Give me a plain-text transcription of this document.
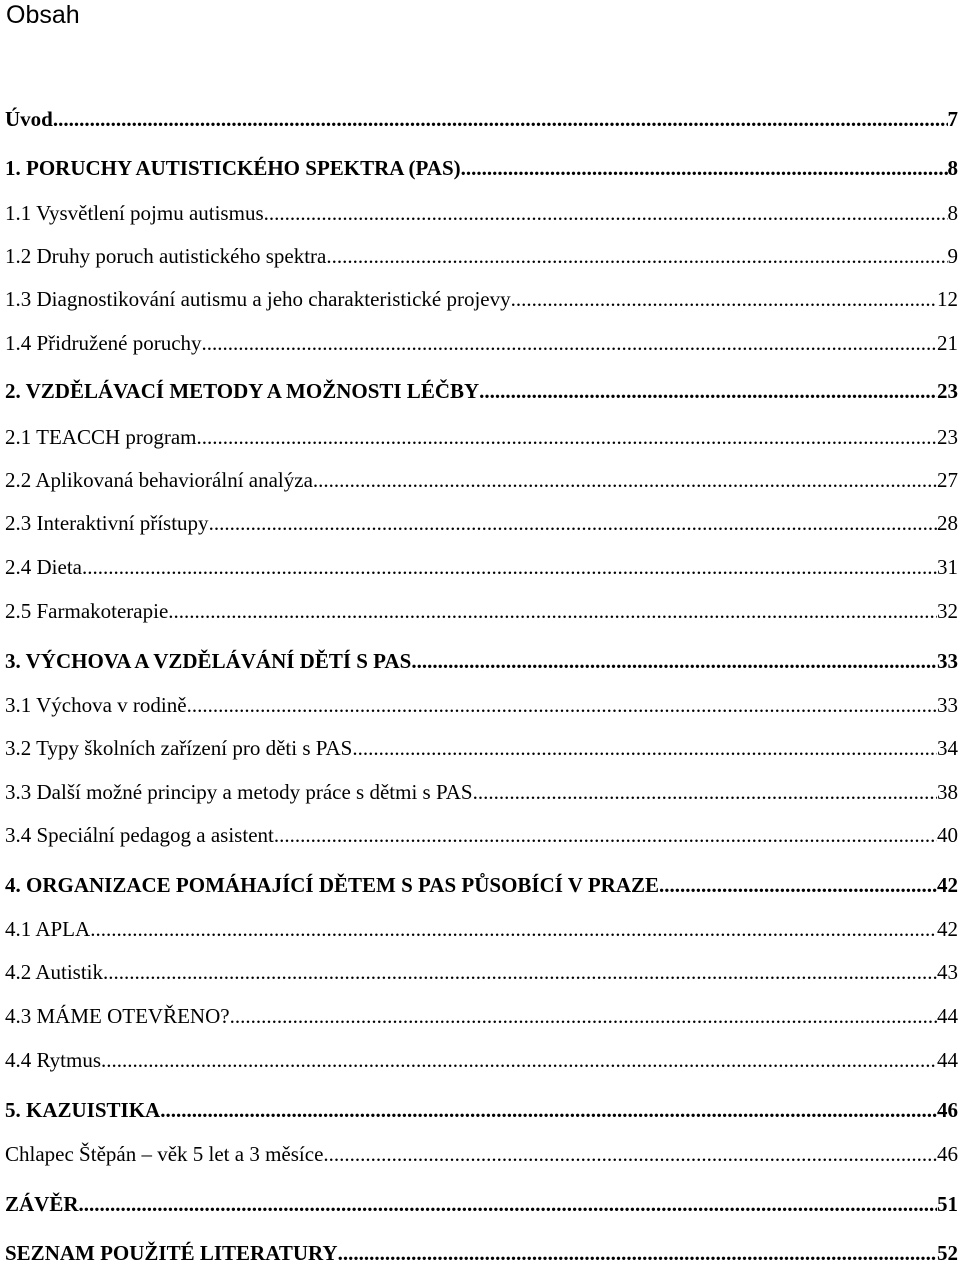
Obsah
Úvod .....	7
1. PORUCHY AUTISTICKÉHO SPEKTRA (PAS) .....	8
1.1 Vysvětlení pojmu autismus .....	8
1.2 Druhy poruch autistického spektra .....	9
1.3 Diagnostikování autismu a jeho charakteristické projevy .....	12
1.4 Přidružené poruchy .....	21
2. VZDĚLÁVACÍ METODY A MOŽNOSTI LÉČBY .....	23
2.1 TEACCH program .....	23
2.2 Aplikovaná behaviorální analýza .....	27
2.3 Interaktivní přístupy .....	28
2.4 Dieta .....	31
2.5 Farmakoterapie .....	32
3. VÝCHOVA A VZDĚLÁVÁNÍ DĚTÍ S PAS .....	33
3.1 Výchova v rodině .....	33
3.2 Typy školních zařízení pro děti s PAS .....	34
3.3 Další možné principy a metody práce s dětmi s PAS .....	38
3.4 Speciální pedagog a asistent .....	40
4. ORGANIZACE POMÁHAJÍCÍ DĚTEM S PAS PŮSOBÍCÍ V PRAZE .....	42
4.1 APLA .....	42
4.2 Autistik .....	43
4.3 MÁME OTEVŘENO? .....	44
4.4 Rytmus .....	44
5. KAZUISTIKA .....	46
Chlapec Štěpán – věk 5 let a 3 měsíce .....	46
ZÁVĚR .....	51
SEZNAM POUŽITÉ LITERATURY .....	52
